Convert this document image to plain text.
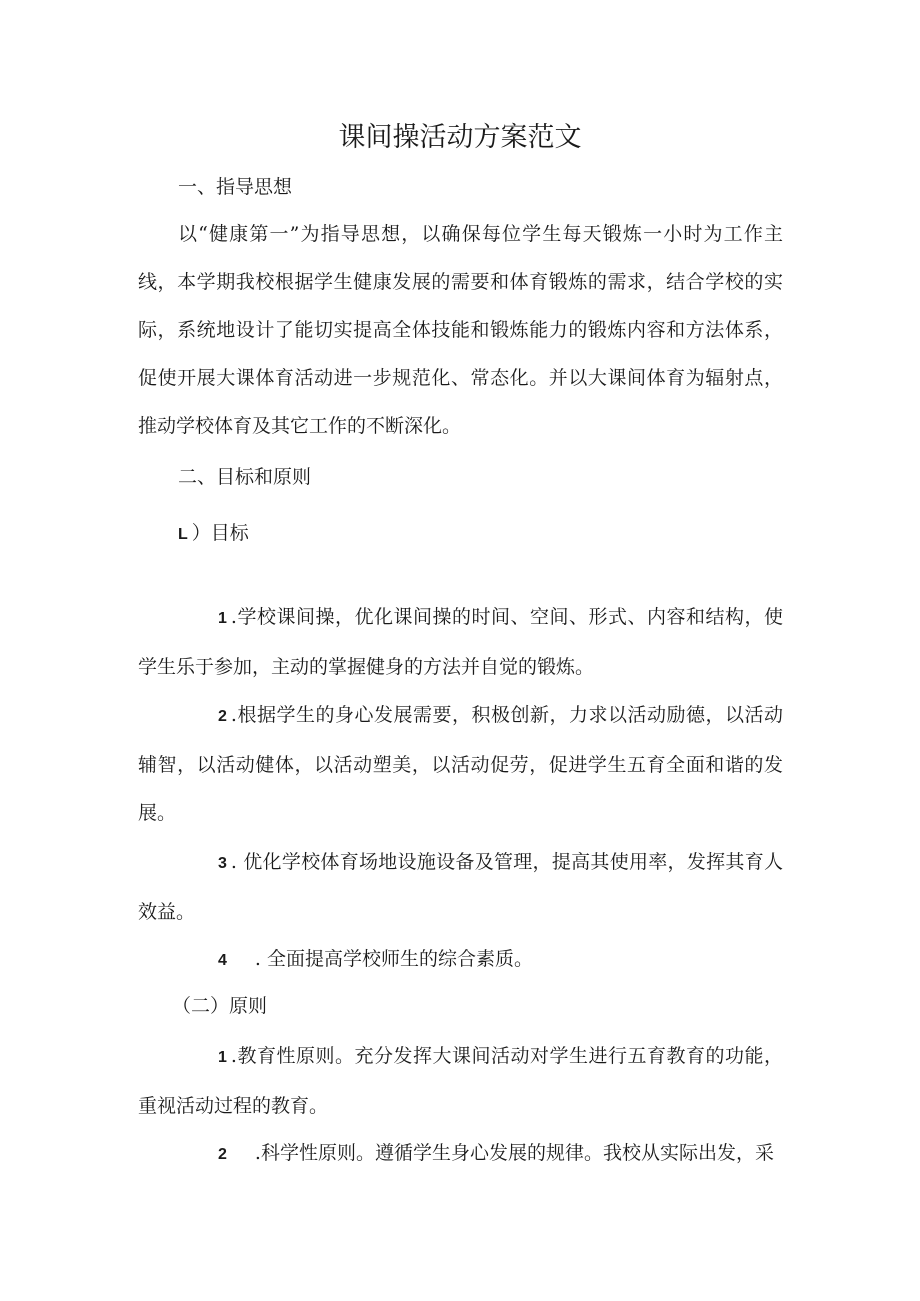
课间操活动方案范文
一、指导思想
以“健康第一”为指导思想，以确保每位学生每天锻炼一小时为工作主线，本学期我校根据学生健康发展的需要和体育锻炼的需求，结合学校的实际，系统地设计了能切实提高全体技能和锻炼能力的锻炼内容和方法体系，促使开展大课体育活动进一步规范化、常态化。并以大课间体育为辐射点，推动学校体育及其它工作的不断深化。
二、目标和原则
L ）目标
1 .学校课间操，优化课间操的时间、空间、形式、内容和结构，使学生乐于参加，主动的掌握健身的方法并自觉的锻炼。
2 .根据学生的身心发展需要，积极创新，力求以活动励德，以活动辅智，以活动健体，以活动塑美，以活动促劳，促进学生五育全面和谐的发展。
3 . 优化学校体育场地设施设备及管理，提高其使用率，发挥其育人效益。
4 . 全面提高学校师生的综合素质。
（二）原则
1 .教育性原则。充分发挥大课间活动对学生进行五育教育的功能，重视活动过程的教育。
2 .科学性原则。遵循学生身心发展的规律。我校从实际出发，采
